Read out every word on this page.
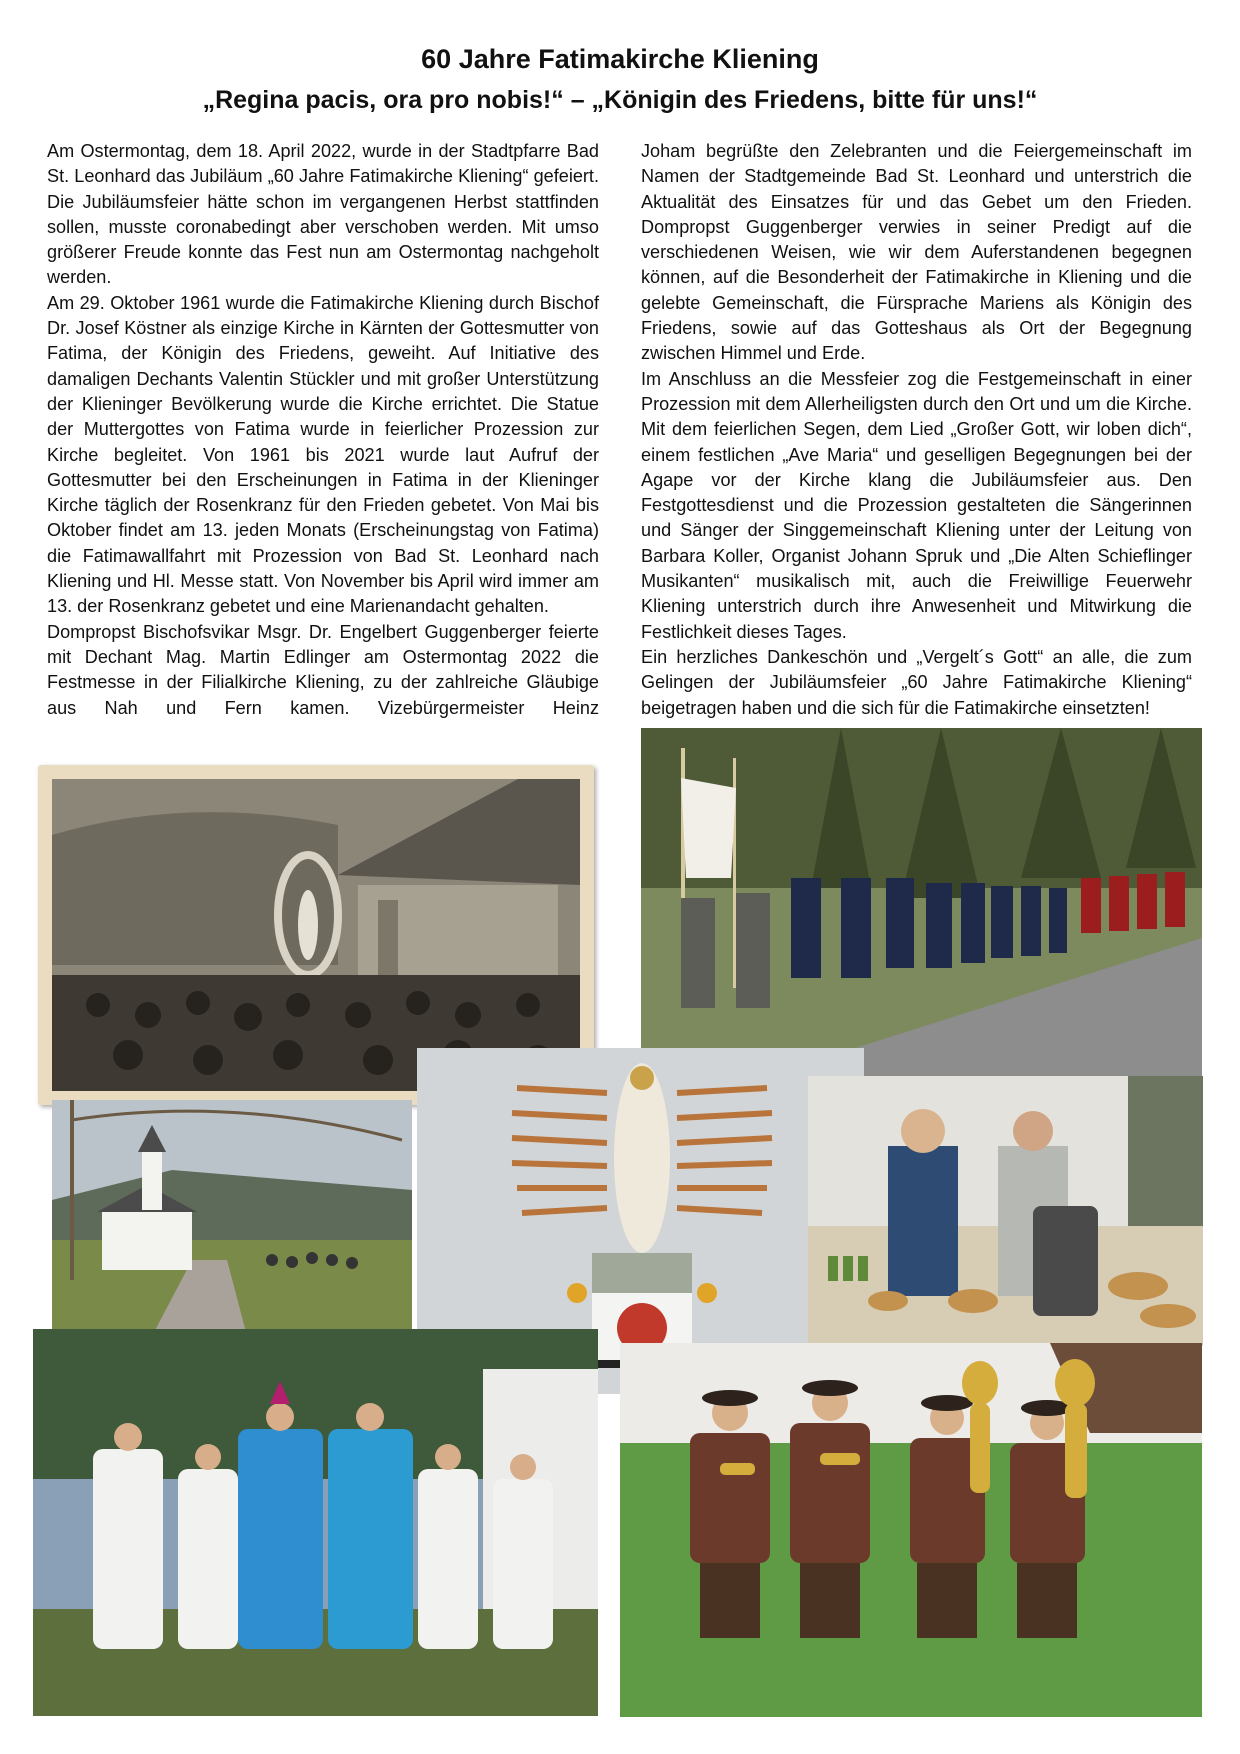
60 Jahre Fatimakirche Kliening
„Regina pacis, ora pro nobis!“ – „Königin des Friedens, bitte für uns!“

Am Ostermontag, dem 18. April 2022, wurde in der Stadtpfarre Bad St. Leonhard das Jubiläum „60 Jahre Fatimakirche Kliening“ gefeiert. Die Jubiläumsfeier hätte schon im vergangenen Herbst stattfinden sollen, musste coronabedingt aber verschoben werden. Mit umso größerer Freude konnte das Fest nun am Ostermontag nachgeholt werden.

Am 29. Oktober 1961 wurde die Fatimakirche Kliening durch Bischof Dr. Josef Köstner als einzige Kirche in Kärnten der Gottesmutter von Fatima, der Königin des Friedens, geweiht. Auf Initiative des damaligen Dechants Valentin Stückler und mit großer Unterstützung der Klieninger Bevölkerung wurde die Kirche errichtet. Die Statue der Muttergottes von Fatima wurde in feierlicher Prozession zur Kirche begleitet. Von 1961 bis 2021 wurde laut Aufruf der Gottesmutter bei den Erscheinungen in Fatima in der Klieninger Kirche täglich der Rosenkranz für den Frieden gebetet. Von Mai bis Oktober findet am 13. jeden Monats (Erscheinungstag von Fatima) die Fatimawallfahrt mit Prozession von Bad St. Leonhard nach Kliening und Hl. Messe statt. Von November bis April wird immer am 13. der Rosenkranz gebetet und eine Marienandacht gehalten.

Dompropst Bischofsvikar Msgr. Dr. Engelbert Guggenberger feierte mit Dechant Mag. Martin Edlinger am Ostermontag 2022 die Festmesse in der Filialkirche Kliening, zu der zahlreiche Gläubige aus Nah und Fern kamen. Vizebürgermeister Heinz

Joham begrüßte den Zelebranten und die Feiergemeinschaft im Namen der Stadtgemeinde Bad St. Leonhard und unterstrich die Aktualität des Einsatzes für und das Gebet um den Frieden. Dompropst Guggenberger verwies in seiner Predigt auf die verschiedenen Weisen, wie wir dem Auferstandenen begegnen können, auf die Besonderheit der Fatimakirche in Kliening und die gelebte Gemeinschaft, die Fürsprache Mariens als Königin des Friedens, sowie auf das Gotteshaus als Ort der Begegnung zwischen Himmel und Erde.

Im Anschluss an die Messfeier zog die Festgemeinschaft in einer Prozession mit dem Allerheiligsten durch den Ort und um die Kirche. Mit dem feierlichen Segen, dem Lied „Großer Gott, wir loben dich“, einem festlichen „Ave Maria“ und geselligen Begegnungen bei der Agape vor der Kirche klang die Jubiläumsfeier aus. Den Festgottesdienst und die Prozession gestalteten die Sängerinnen und Sänger der Singgemeinschaft Kliening unter der Leitung von Barbara Koller, Organist Johann Spruk und „Die Alten Schieflinger Musikanten“ musikalisch mit, auch die Freiwillige Feuerwehr Kliening unterstrich durch ihre Anwesenheit und Mitwirkung die Festlichkeit dieses Tages.

Ein herzliches Dankeschön und „Vergelt´s Gott“ an alle, die zum Gelingen der Jubiläumsfeier „60 Jahre Fatimakirche Kliening“ beigetragen haben und die sich für die Fatimakirche einsetzten!
